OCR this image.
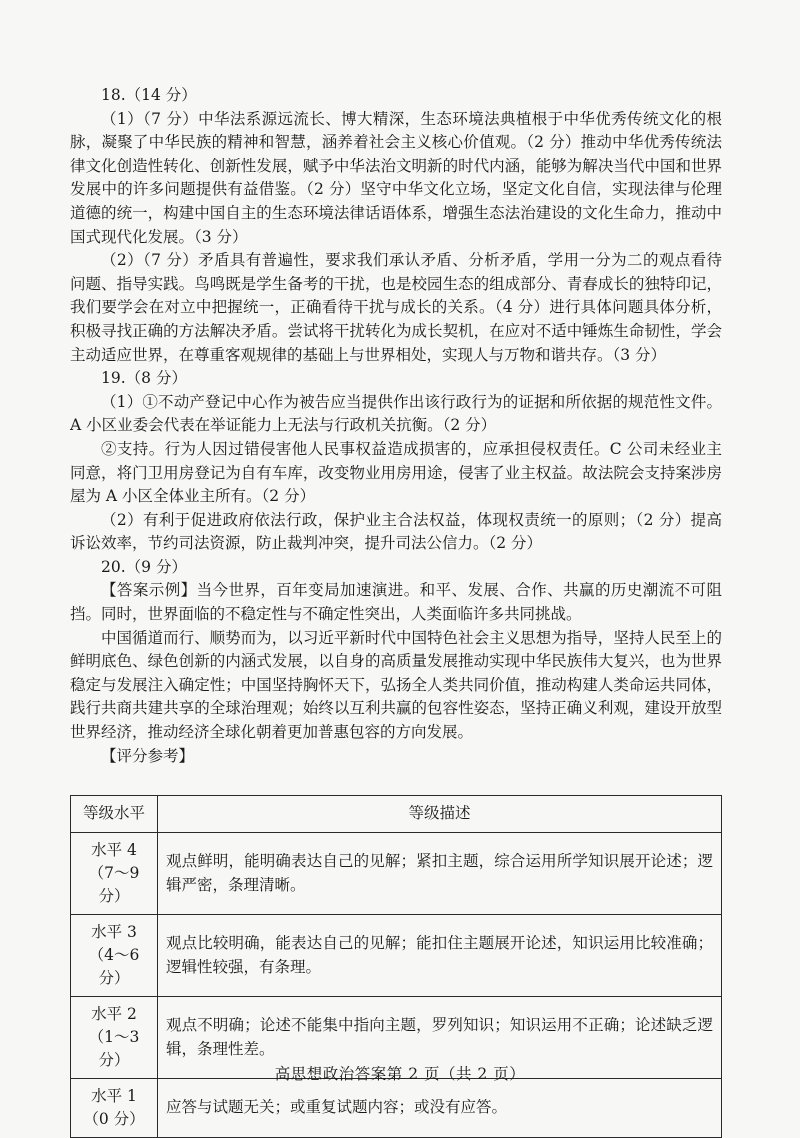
18.（14 分）

（1）（7 分）中华法系源远流长、博大精深，生态环境法典植根于中华优秀传统文化的根脉，凝聚了中华民族的精神和智慧，涵养着社会主义核心价值观。（2 分）推动中华优秀传统法律文化创造性转化、创新性发展，赋予中华法治文明新的时代内涵，能够为解决当代中国和世界发展中的许多问题提供有益借鉴。（2 分）坚守中华文化立场，坚定文化自信，实现法律与伦理道德的统一，构建中国自主的生态环境法律话语体系，增强生态法治建设的文化生命力，推动中国式现代化发展。（3 分）

（2）（7 分）矛盾具有普遍性，要求我们承认矛盾、分析矛盾，学用一分为二的观点看待问题、指导实践。鸟鸣既是学生备考的干扰，也是校园生态的组成部分、青春成长的独特印记，我们要学会在对立中把握统一，正确看待干扰与成长的关系。（4 分）进行具体问题具体分析，积极寻找正确的方法解决矛盾。尝试将干扰转化为成长契机，在应对不适中锤炼生命韧性，学会主动适应世界，在尊重客观规律的基础上与世界相处，实现人与万物和谐共存。（3 分）

19.（8 分）

（1）①不动产登记中心作为被告应当提供作出该行政行为的证据和所依据的规范性文件。A 小区业委会代表在举证能力上无法与行政机关抗衡。（2 分）

②支持。行为人因过错侵害他人民事权益造成损害的，应承担侵权责任。C 公司未经业主同意，将门卫用房登记为自有车库，改变物业用房用途，侵害了业主权益。故法院会支持案涉房屋为 A 小区全体业主所有。（2 分）

（2）有利于促进政府依法行政，保护业主合法权益，体现权责统一的原则；（2 分）提高诉讼效率，节约司法资源，防止裁判冲突，提升司法公信力。（2 分）

20.（9 分）

【答案示例】当今世界，百年变局加速演进。和平、发展、合作、共赢的历史潮流不可阻挡。同时，世界面临的不稳定性与不确定性突出，人类面临许多共同挑战。

中国循道而行、顺势而为，以习近平新时代中国特色社会主义思想为指导，坚持人民至上的鲜明底色、绿色创新的内涵式发展，以自身的高质量发展推动实现中华民族伟大复兴，也为世界稳定与发展注入确定性；中国坚持胸怀天下，弘扬全人类共同价值，推动构建人类命运共同体，践行共商共建共享的全球治理观；始终以互利共赢的包容性姿态，坚持正确义利观，建设开放型世界经济，推动经济全球化朝着更加普惠包容的方向发展。

【评分参考】

等级水平	等级描述

水平 4
（7～9 分）	观点鲜明，能明确表达自己的见解；紧扣主题，综合运用所学知识展开论述；逻辑严密，条理清晰。

水平 3
（4～6 分）	观点比较明确，能表达自己的见解；能扣住主题展开论述，知识运用比较准确；逻辑性较强，有条理。

水平 2
（1～3 分）	观点不明确；论述不能集中指向主题，罗列知识；知识运用不正确；论述缺乏逻辑，条理性差。

水平 1
（0 分）	应答与试题无关；或重复试题内容；或没有应答。
高思想政治答案第 2 页（共 2 页）
